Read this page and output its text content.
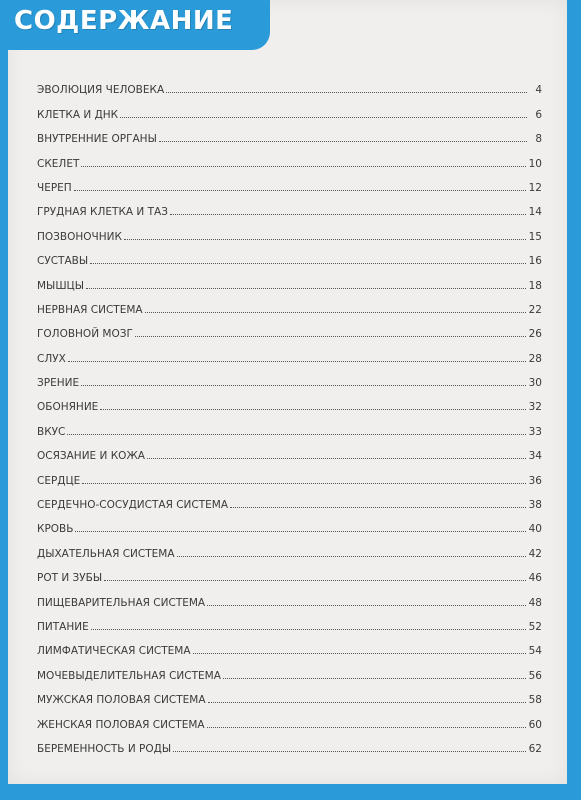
СОДЕРЖАНИЕ
ЭВОЛЮЦИЯ ЧЕЛОВЕКА	4
КЛЕТКА И ДНК	6
ВНУТРЕННИЕ ОРГАНЫ	8
СКЕЛЕТ	10
ЧЕРЕП	12
ГРУДНАЯ КЛЕТКА И ТАЗ	14
ПОЗВОНОЧНИК	15
СУСТАВЫ	16
МЫШЦЫ	18
НЕРВНАЯ СИСТЕМА	22
ГОЛОВНОЙ МОЗГ	26
СЛУХ	28
ЗРЕНИЕ	30
ОБОНЯНИЕ	32
ВКУС	33
ОСЯЗАНИЕ И КОЖА	34
СЕРДЦЕ	36
СЕРДЕЧНО-СОСУДИСТАЯ СИСТЕМА	38
КРОВЬ	40
ДЫХАТЕЛЬНАЯ СИСТЕМА	42
РОТ И ЗУБЫ	46
ПИЩЕВАРИТЕЛЬНАЯ СИСТЕМА	48
ПИТАНИЕ	52
ЛИМФАТИЧЕСКАЯ СИСТЕМА	54
МОЧЕВЫДЕЛИТЕЛЬНАЯ СИСТЕМА	56
МУЖСКАЯ ПОЛОВАЯ СИСТЕМА	58
ЖЕНСКАЯ ПОЛОВАЯ СИСТЕМА	60
БЕРЕМЕННОСТЬ И РОДЫ	62
